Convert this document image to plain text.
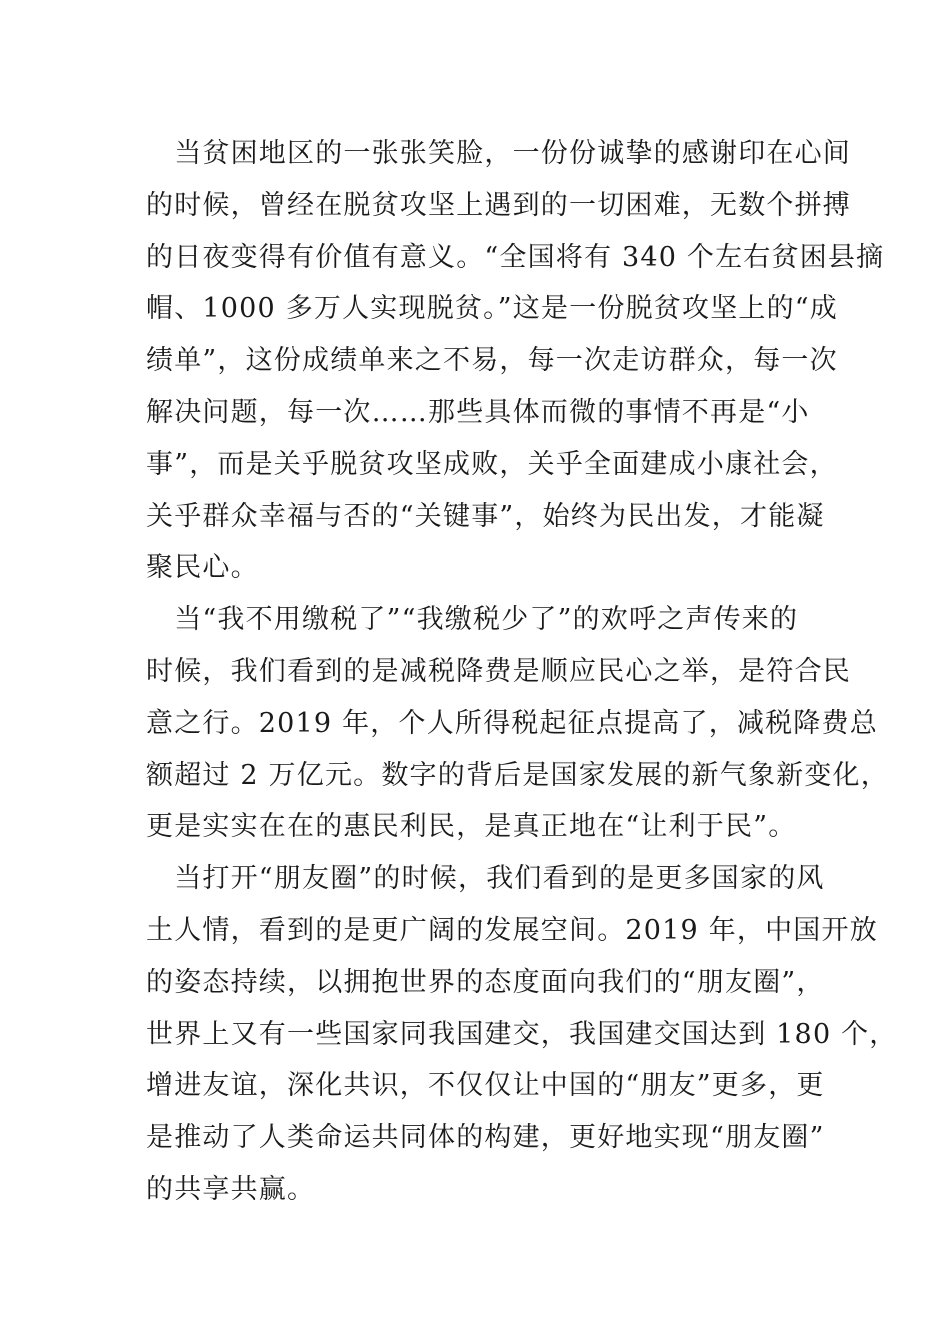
　当贫困地区的一张张笑脸，一份份诚挚的感谢印在心间

的时候，曾经在脱贫攻坚上遇到的一切困难，无数个拼搏

的日夜变得有价值有意义。“全国将有 340 个左右贫困县摘

帽、1000 多万人实现脱贫。”这是一份脱贫攻坚上的“成

绩单”，这份成绩单来之不易，每一次走访群众，每一次

解决问题，每一次……那些具体而微的事情不再是“小

事”，而是关乎脱贫攻坚成败，关乎全面建成小康社会，

关乎群众幸福与否的“关键事”，始终为民出发，才能凝

聚民心。

　当“我不用缴税了”“我缴税少了”的欢呼之声传来的

时候，我们看到的是减税降费是顺应民心之举，是符合民

意之行。2019 年，个人所得税起征点提高了，减税降费总

额超过 2 万亿元。数字的背后是国家发展的新气象新变化，

更是实实在在的惠民利民，是真正地在“让利于民”。

　当打开“朋友圈”的时候，我们看到的是更多国家的风

土人情，看到的是更广阔的发展空间。2019 年，中国开放

的姿态持续，以拥抱世界的态度面向我们的“朋友圈”，

世界上又有一些国家同我国建交，我国建交国达到 180 个，

增进友谊，深化共识，不仅仅让中国的“朋友”更多，更

是推动了人类命运共同体的构建，更好地实现“朋友圈”

的共享共赢。
